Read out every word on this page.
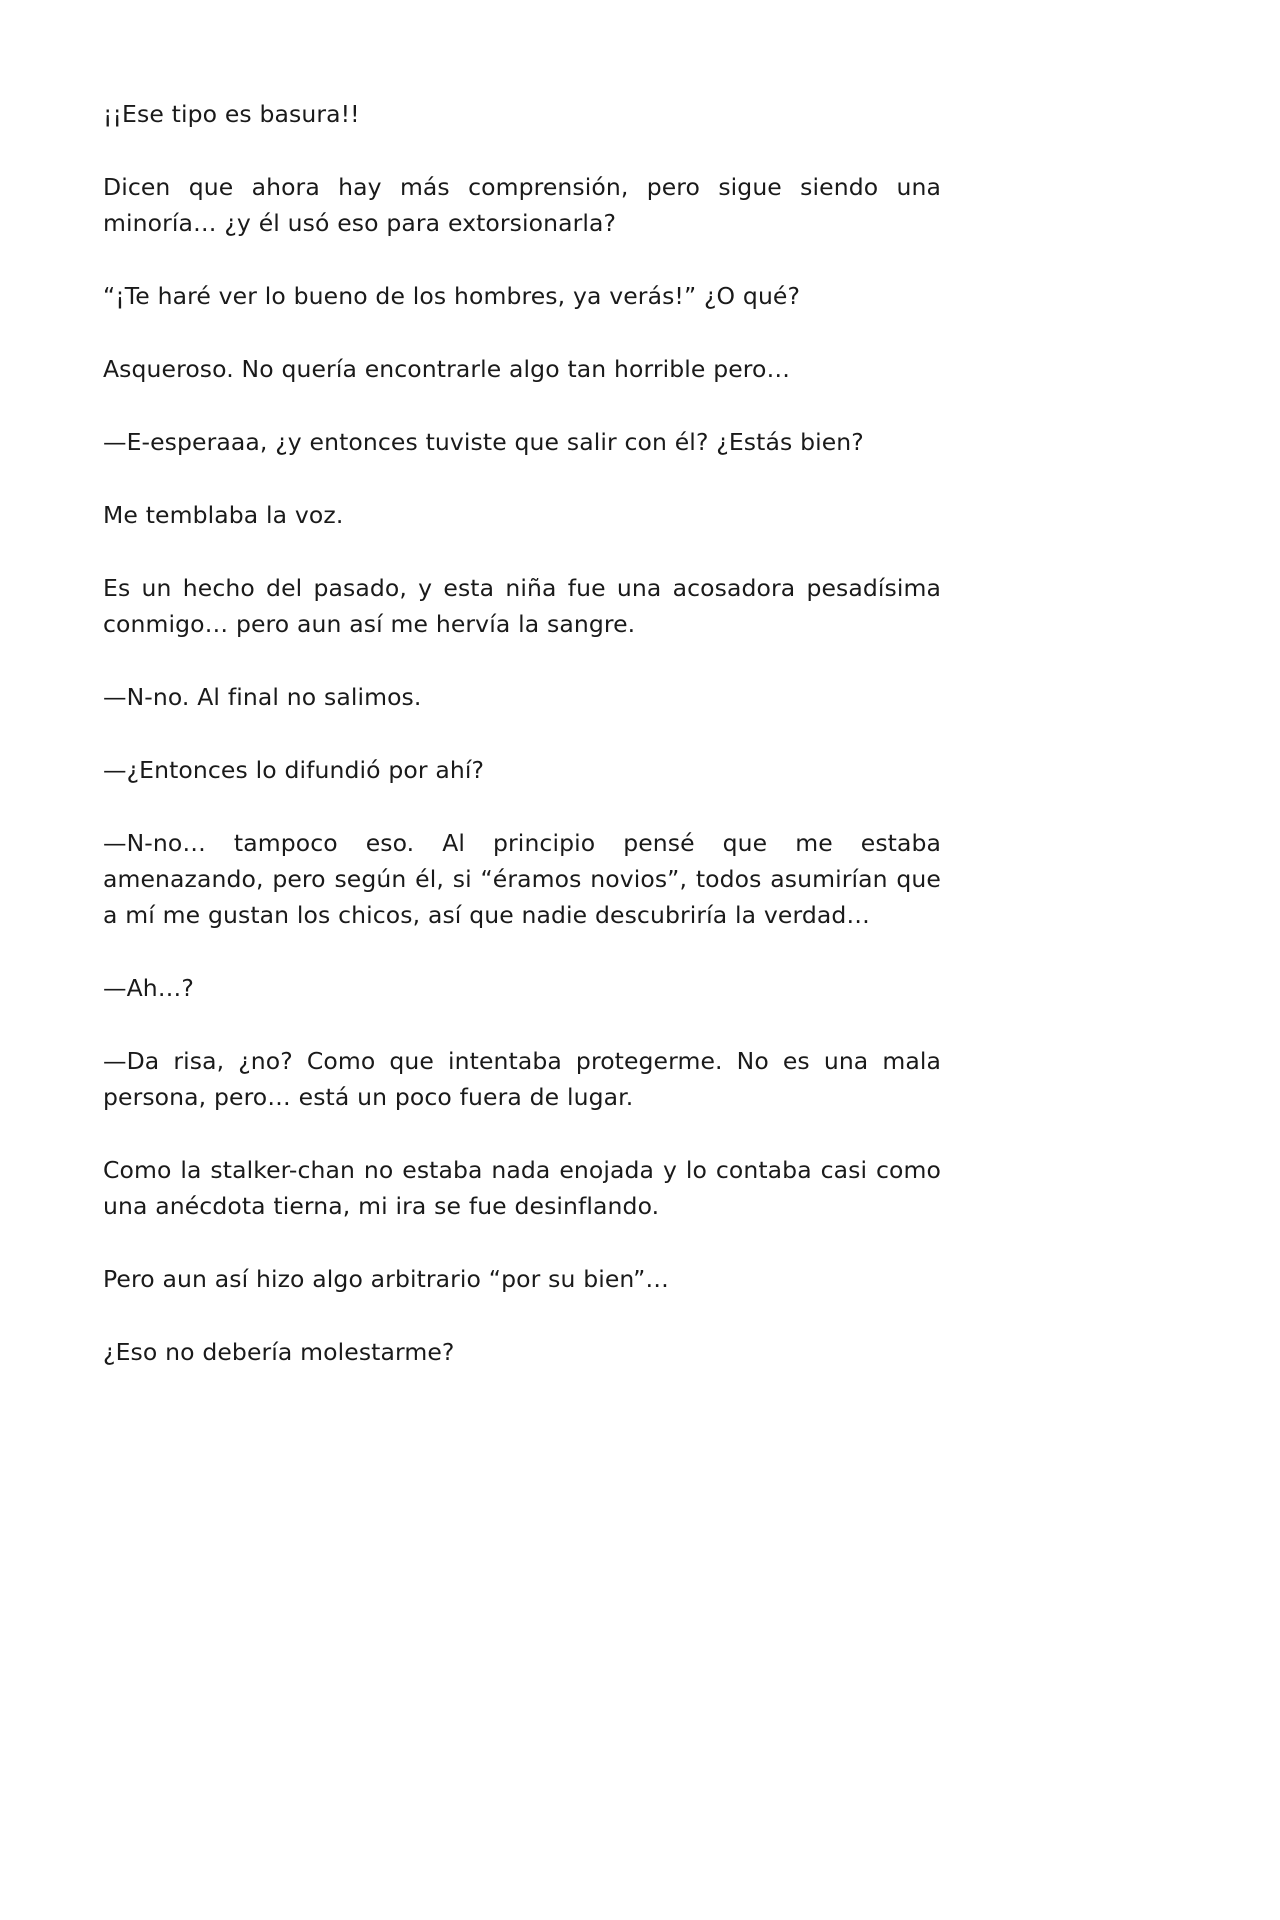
¡¡Ese tipo es basura!!

Dicen que ahora hay más comprensión, pero sigue siendo una minoría… ¿y él usó eso para extorsionarla?

“¡Te haré ver lo bueno de los hombres, ya verás!” ¿O qué?

Asqueroso. No quería encontrarle algo tan horrible pero…

—E-esperaaa, ¿y entonces tuviste que salir con él? ¿Estás bien?

Me temblaba la voz.

Es un hecho del pasado, y esta niña fue una acosadora pesadísima conmigo… pero aun así me hervía la sangre.

—N-no. Al final no salimos.

—¿Entonces lo difundió por ahí?

—N-no… tampoco eso. Al principio pensé que me estaba amenazando, pero según él, si “éramos novios”, todos asumirían que a mí me gustan los chicos, así que nadie descubriría la verdad…

—Ah…?

—Da risa, ¿no? Como que intentaba protegerme. No es una mala persona, pero… está un poco fuera de lugar.

Como la stalker-chan no estaba nada enojada y lo contaba casi como una anécdota tierna, mi ira se fue desinflando.

Pero aun así hizo algo arbitrario “por su bien”…

¿Eso no debería molestarme?
